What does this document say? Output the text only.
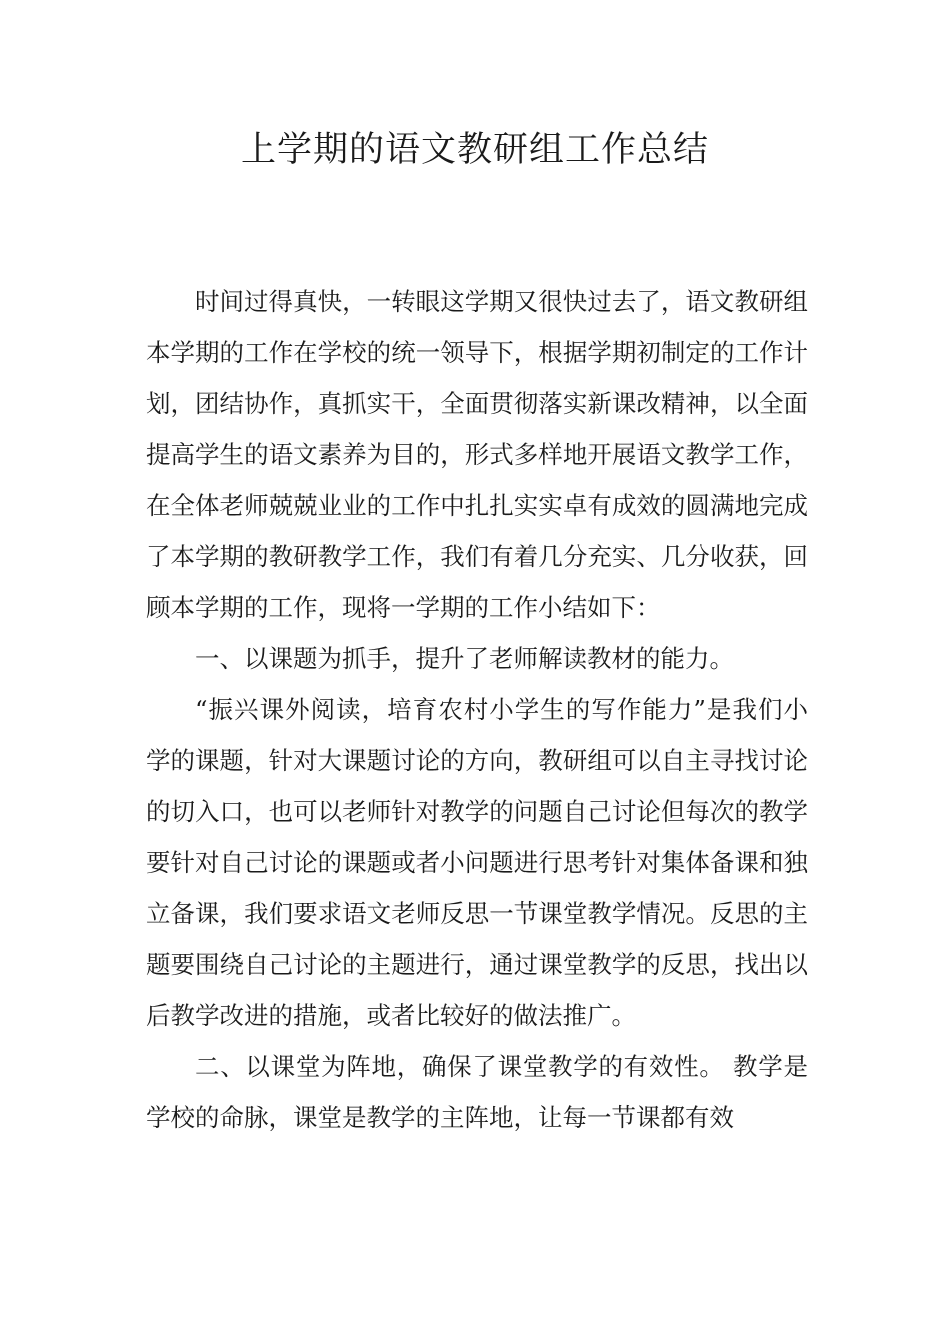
上学期的语文教研组工作总结

时间过得真快，一转眼这学期又很快过去了，语文教研组本学期的工作在学校的统一领导下，根据学期初制定的工作计划，团结协作，真抓实干，全面贯彻落实新课改精神，以全面提高学生的语文素养为目的，形式多样地开展语文教学工作，在全体老师兢兢业业的工作中扎扎实实卓有成效的圆满地完成了本学期的教研教学工作，我们有着几分充实、几分收获，回顾本学期的工作，现将一学期的工作小结如下：

一、以课题为抓手，提升了老师解读教材的能力。

“振兴课外阅读，培育农村小学生的写作能力”是我们小学的课题，针对大课题讨论的方向，教研组可以自主寻找讨论的切入口，也可以老师针对教学的问题自己讨论但每次的教学要针对自己讨论的课题或者小问题进行思考针对集体备课和独立备课，我们要求语文老师反思一节课堂教学情况。反思的主题要围绕自己讨论的主题进行，通过课堂教学的反思，找出以后教学改进的措施，或者比较好的做法推广。

二、以课堂为阵地，确保了课堂教学的有效性。 教学是学校的命脉，课堂是教学的主阵地，让每一节课都有效
